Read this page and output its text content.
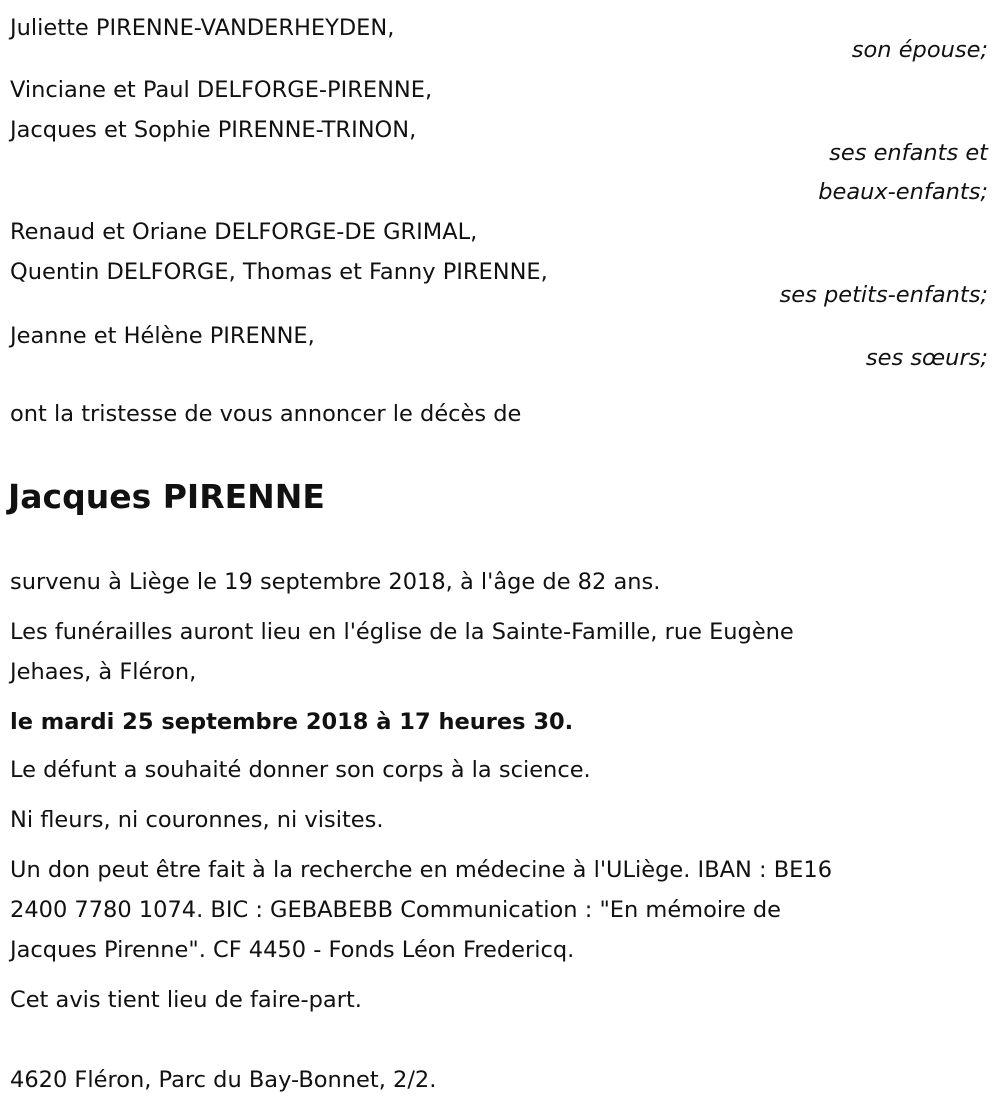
Juliette PIRENNE-VANDERHEYDEN,
son épouse;
Vinciane et Paul DELFORGE-PIRENNE,
Jacques et Sophie PIRENNE-TRINON,
ses enfants et
beaux-enfants;
Renaud et Oriane DELFORGE-DE GRIMAL,
Quentin DELFORGE, Thomas et Fanny PIRENNE,
ses petits-enfants;
Jeanne et Hélène PIRENNE,
ses sœurs;
ont la tristesse de vous annoncer le décès de
Jacques PIRENNE
survenu à Liège le 19 septembre 2018, à l'âge de 82 ans.
Les funérailles auront lieu en l'église de la Sainte-Famille, rue Eugène
Jehaes, à Fléron,
le mardi 25 septembre 2018 à 17 heures 30.
Le défunt a souhaité donner son corps à la science.
Ni fleurs, ni couronnes, ni visites.
Un don peut être fait à la recherche en médecine à l'ULiège. IBAN : BE16
2400 7780 1074. BIC : GEBABEBB Communication : "En mémoire de
Jacques Pirenne". CF 4450 - Fonds Léon Fredericq.
Cet avis tient lieu de faire-part.
4620 Fléron, Parc du Bay-Bonnet, 2/2.
